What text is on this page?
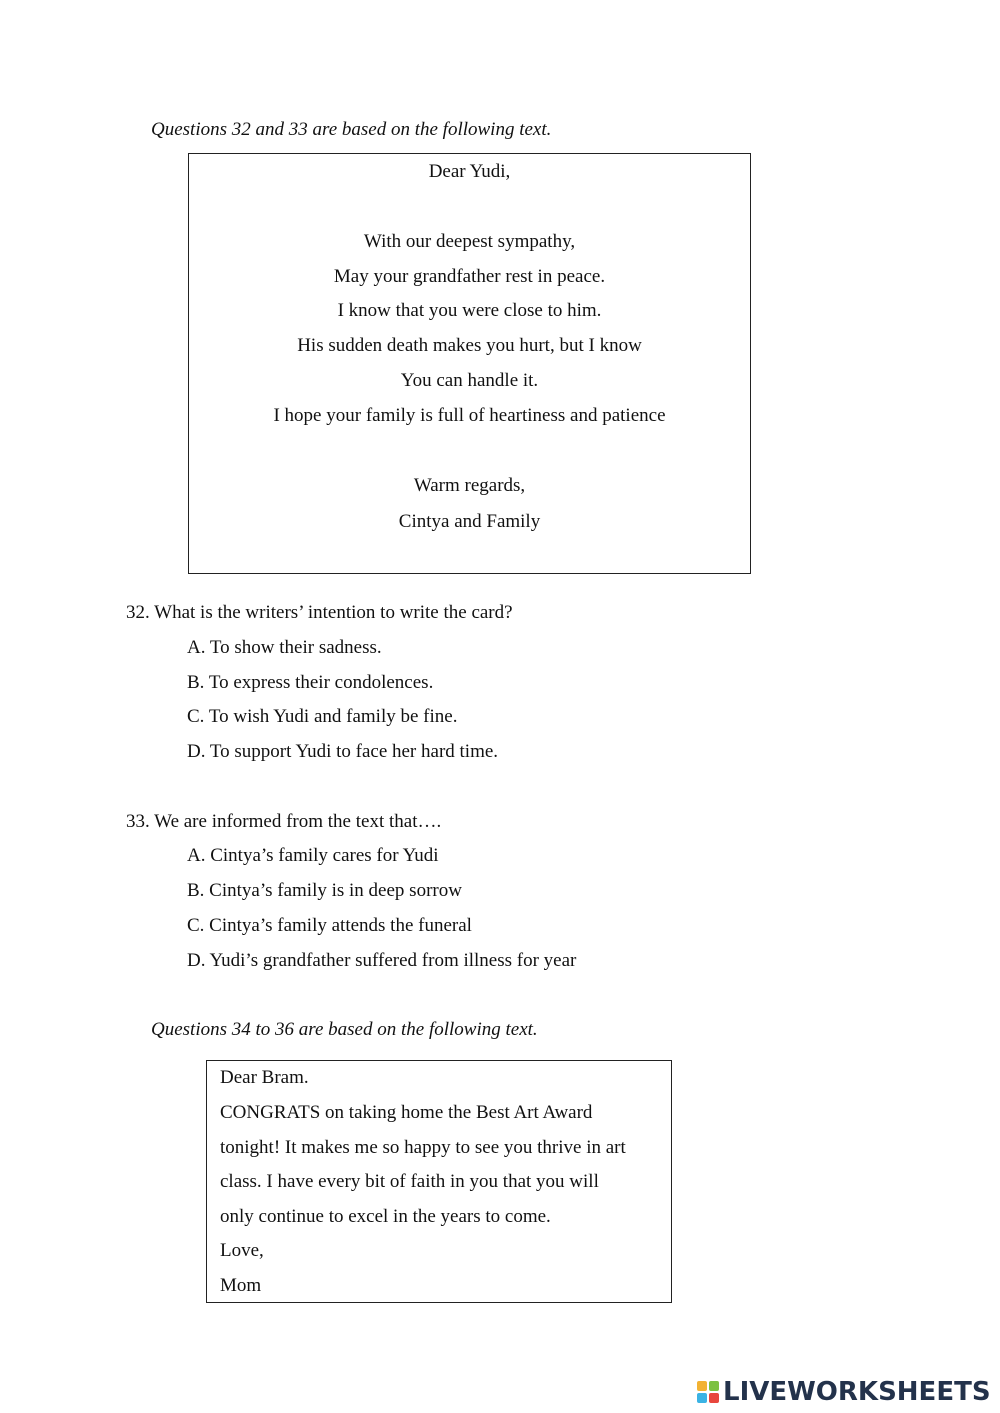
Questions 32 and 33 are based on the following text.
Dear Yudi,
With our deepest sympathy,
May your grandfather rest in peace.
I know that you were close to him.
His sudden death makes you hurt, but I know
You can handle it.
I hope your family is full of heartiness and patience
Warm regards,
Cintya and Family
32. What is the writers’ intention to write the card?
A. To show their sadness.
B. To express their condolences.
C. To wish Yudi and family be fine.
D. To support Yudi to face her hard time.
33. We are informed from the text that….
A. Cintya’s family cares for Yudi
B. Cintya’s family is in deep sorrow
C. Cintya’s family attends the funeral
D. Yudi’s grandfather suffered from illness for year
Questions 34 to 36 are based on the following text.
Dear Bram.
CONGRATS on taking home the Best Art Award
tonight! It makes me so happy to see you thrive in art
class. I have every bit of faith in you that you will
only continue to excel in the years to come.
Love,
Mom
LIVEWORKSHEETS
